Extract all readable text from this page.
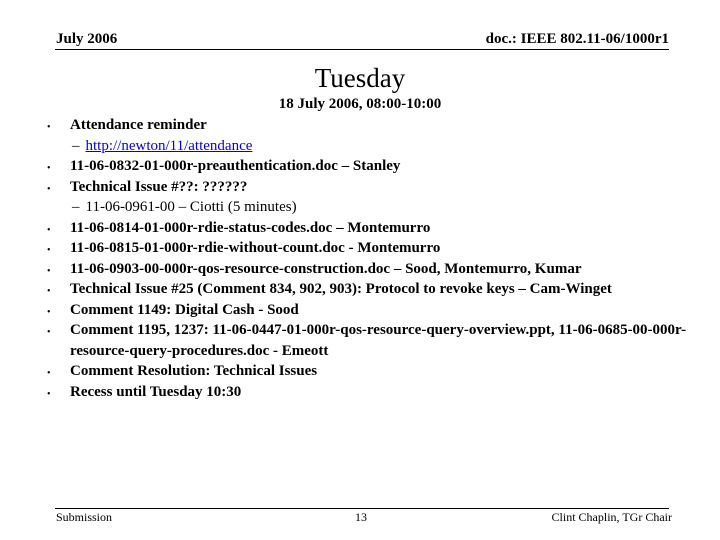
July 2006	doc.: IEEE 802.11-06/1000r1
Tuesday
18 July 2006, 08:00-10:00
• Attendance reminder
– http://newton/11/attendance
• 11-06-0832-01-000r-preauthentication.doc – Stanley
• Technical Issue #??: ??????
– 11-06-0961-00 – Ciotti (5 minutes)
• 11-06-0814-01-000r-rdie-status-codes.doc – Montemurro
• 11-06-0815-01-000r-rdie-without-count.doc - Montemurro
• 11-06-0903-00-000r-qos-resource-construction.doc – Sood, Montemurro, Kumar
• Technical Issue #25 (Comment 834, 902, 903): Protocol to revoke keys – Cam-Winget
• Comment 1149: Digital Cash - Sood
• Comment 1195, 1237: 11-06-0447-01-000r-qos-resource-query-overview.ppt, 11-06-0685-00-000r-resource-query-procedures.doc - Emeott
• Comment Resolution: Technical Issues
• Recess until Tuesday 10:30
Submission	13	Clint Chaplin, TGr Chair
